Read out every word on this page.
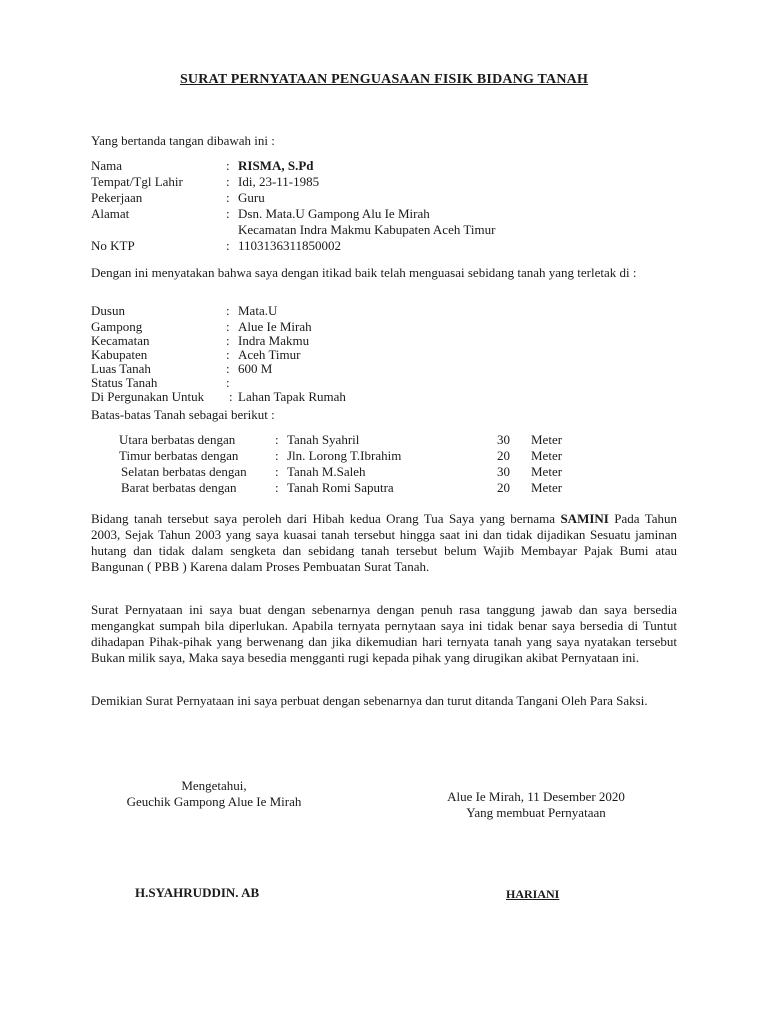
SURAT PERNYATAAN PENGUASAAN FISIK BIDANG TANAH
Yang bertanda tangan dibawah ini :
Nama	: RISMA, S.Pd
Tempat/Tgl Lahir	: Idi, 23-11-1985
Pekerjaan	: Guru
Alamat	: Dsn. Mata.U Gampong Alu Ie Mirah
Kecamatan Indra Makmu Kabupaten Aceh Timur
No KTP	: 1103136311850002
Dengan ini menyatakan bahwa saya dengan itikad baik telah menguasai sebidang tanah yang terletak di :
Dusun	: Mata.U
Gampong	: Alue Ie Mirah
Kecamatan	: Indra Makmu
Kabupaten	: Aceh Timur
Luas Tanah	: 600 M
Status Tanah	:
Di Pergunakan Untuk : Lahan Tapak Rumah
Batas-batas Tanah sebagai berikut :
Utara berbatas dengan	: Tanah Syahril	30 Meter
Timur berbatas dengan	: Jln. Lorong T.Ibrahim	20 Meter
Selatan berbatas dengan : Tanah M.Saleh	30 Meter
Barat berbatas dengan	: Tanah Romi Saputra	20 Meter
Bidang tanah tersebut saya peroleh dari Hibah kedua Orang Tua Saya yang bernama SAMINI Pada Tahun 2003, Sejak Tahun 2003 yang saya kuasai tanah tersebut hingga saat ini dan tidak dijadikan Sesuatu jaminan hutang dan tidak dalam sengketa dan sebidang tanah tersebut belum Wajib Membayar Pajak Bumi atau Bangunan ( PBB ) Karena dalam Proses Pembuatan Surat Tanah.
Surat Pernyataan ini saya buat dengan sebenarnya dengan penuh rasa tanggung jawab dan saya bersedia mengangkat sumpah bila diperlukan. Apabila ternyata pernytaan saya ini tidak benar saya bersedia di Tuntut dihadapan Pihak-pihak yang berwenang dan jika dikemudian hari ternyata tanah yang saya nyatakan tersebut Bukan milik saya, Maka saya besedia mengganti rugi kepada pihak yang dirugikan akibat Pernyataan ini.
Demikian Surat Pernyataan ini saya perbuat dengan sebenarnya dan turut ditanda Tangani Oleh Para Saksi.
Mengetahui,
Geuchik Gampong Alue Ie Mirah	Alue Ie Mirah, 11 Desember 2020
Yang membuat Pernyataan
H.SYAHRUDDIN. AB	HARIANI
